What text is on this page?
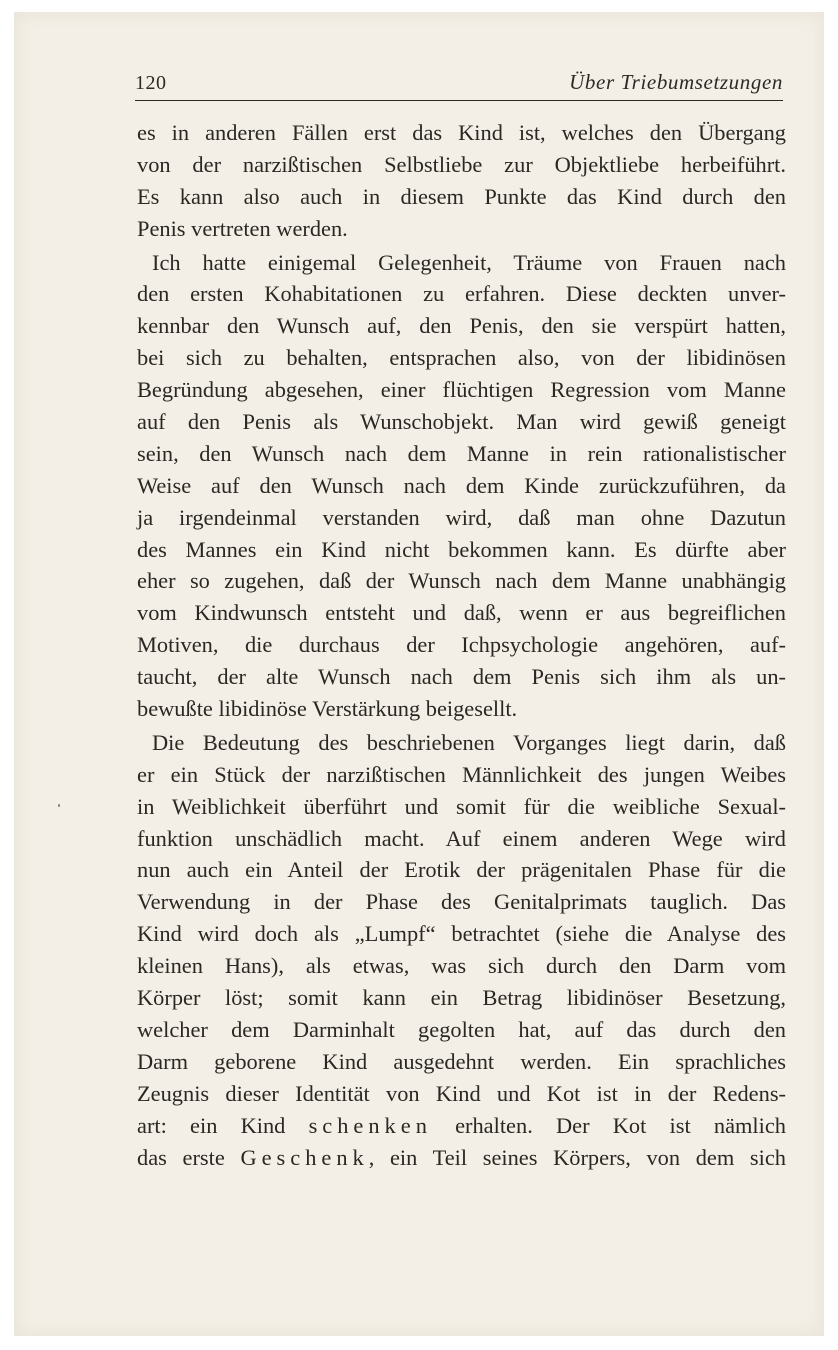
120	Über Triebumsetzungen
es in anderen Fällen erst das Kind ist, welches den Übergang
von der narzißtischen Selbstliebe zur Objektliebe herbeiführt.
Es kann also auch in diesem Punkte das Kind durch den
Penis vertreten werden.
Ich hatte einigemal Gelegenheit, Träume von Frauen nach
den ersten Kohabitationen zu erfahren. Diese deckten unver-
kennbar den Wunsch auf, den Penis, den sie verspürt hatten,
bei sich zu behalten, entsprachen also, von der libidinösen
Begründung abgesehen, einer flüchtigen Regression vom Manne
auf den Penis als Wunschobjekt. Man wird gewiß geneigt
sein, den Wunsch nach dem Manne in rein rationalistischer
Weise auf den Wunsch nach dem Kinde zurückzuführen, da
ja irgendeinmal verstanden wird, daß man ohne Dazutun
des Mannes ein Kind nicht bekommen kann. Es dürfte aber
eher so zugehen, daß der Wunsch nach dem Manne unabhängig
vom Kindwunsch entsteht und daß, wenn er aus begreiflichen
Motiven, die durchaus der Ichpsychologie angehören, auf-
taucht, der alte Wunsch nach dem Penis sich ihm als un-
bewußte libidinöse Verstärkung beigesellt.
Die Bedeutung des beschriebenen Vorganges liegt darin, daß
er ein Stück der narzißtischen Männlichkeit des jungen Weibes
in Weiblichkeit überführt und somit für die weibliche Sexual-
funktion unschädlich macht. Auf einem anderen Wege wird
nun auch ein Anteil der Erotik der prägenitalen Phase für die
Verwendung in der Phase des Genitalprimats tauglich. Das
Kind wird doch als „Lumpf“ betrachtet (siehe die Analyse des
kleinen Hans), als etwas, was sich durch den Darm vom
Körper löst; somit kann ein Betrag libidinöser Besetzung,
welcher dem Darminhalt gegolten hat, auf das durch den
Darm geborene Kind ausgedehnt werden. Ein sprachliches
Zeugnis dieser Identität von Kind und Kot ist in der Redens-
art: ein Kind schenken erhalten. Der Kot ist nämlich
das erste Geschenk, ein Teil seines Körpers, von dem sich
